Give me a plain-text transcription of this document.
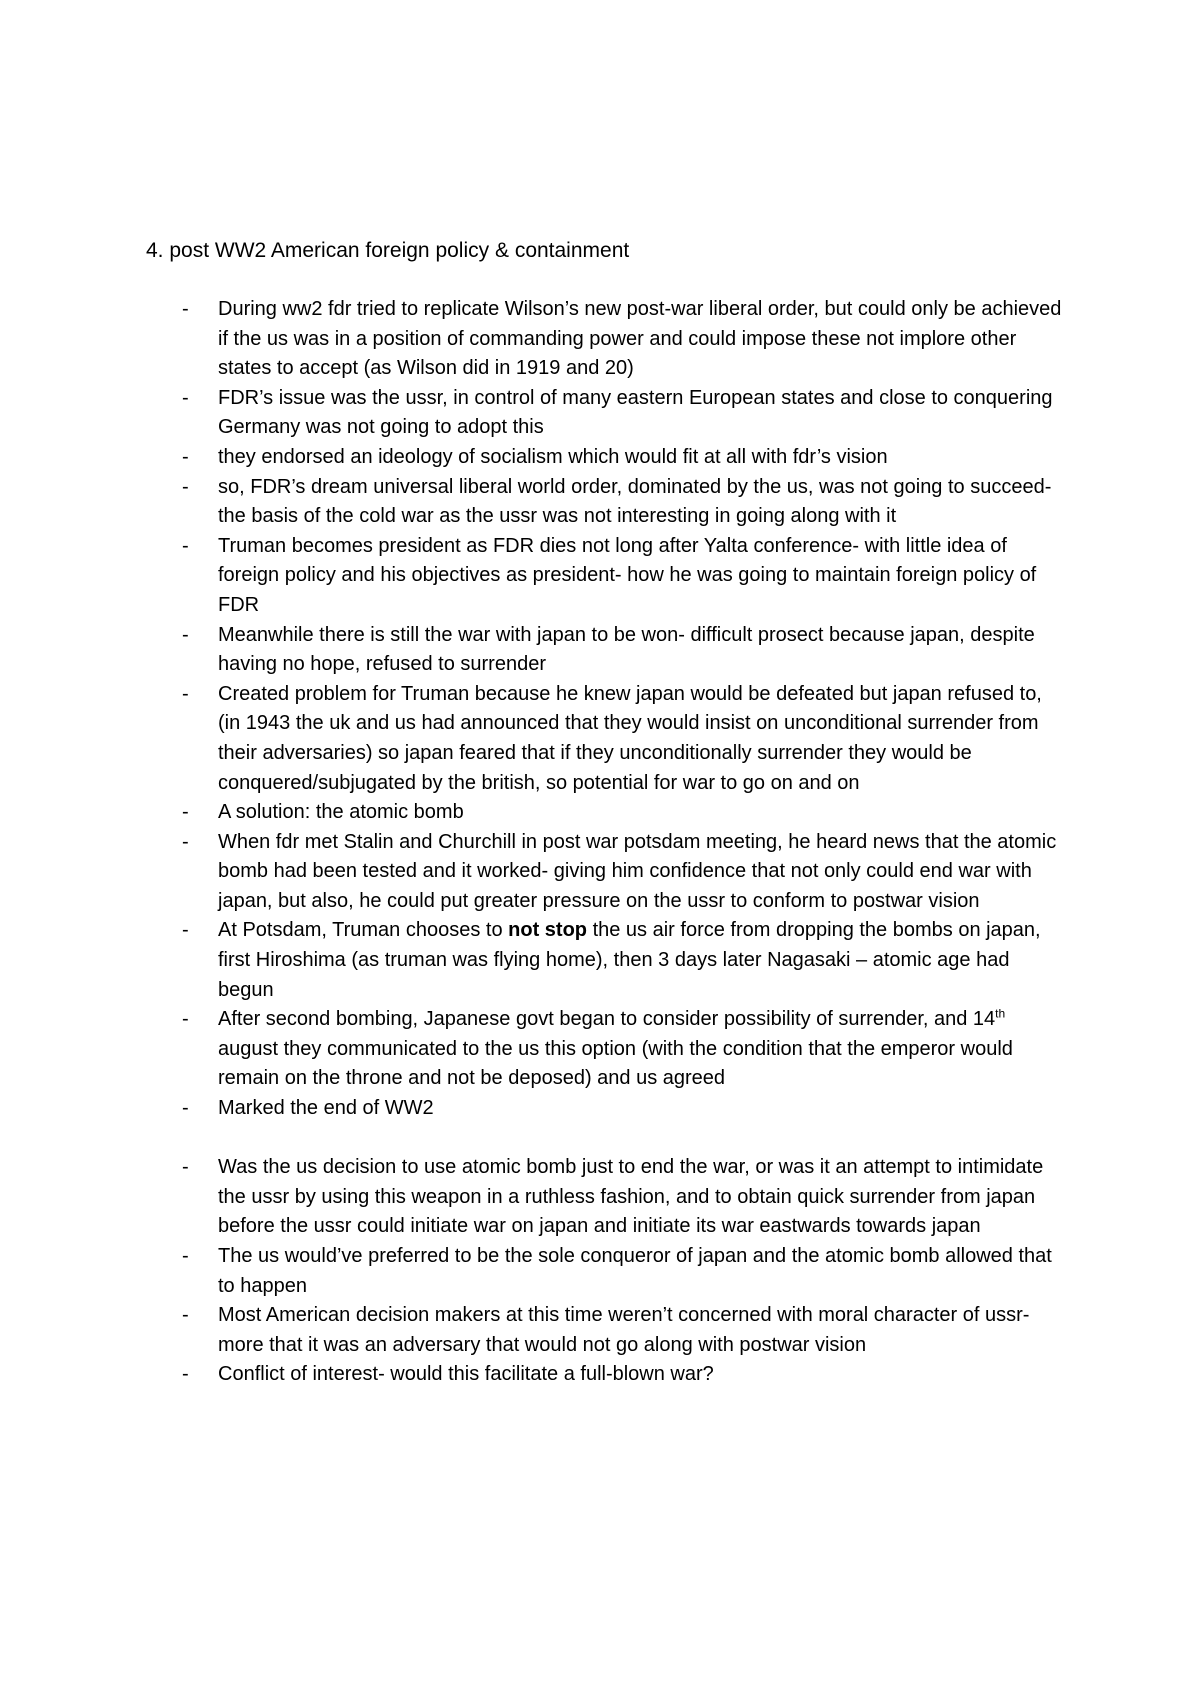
4. post WW2 American foreign policy & containment
- During ww2 fdr tried to replicate Wilson’s new post-war liberal order, but could only be achieved if the us was in a position of commanding power and could impose these not implore other states to accept (as Wilson did in 1919 and 20)
- FDR’s issue was the ussr, in control of many eastern European states and close to conquering Germany was not going to adopt this
- they endorsed an ideology of socialism which would fit at all with fdr’s vision
- so, FDR’s dream universal liberal world order, dominated by the us, was not going to succeed- the basis of the cold war as the ussr was not interesting in going along with it
- Truman becomes president as FDR dies not long after Yalta conference- with little idea of foreign policy and his objectives as president- how he was going to maintain foreign policy of FDR
- Meanwhile there is still the war with japan to be won- difficult prosect because japan, despite having no hope, refused to surrender
- Created problem for Truman because he knew japan would be defeated but japan refused to, (in 1943 the uk and us had announced that they would insist on unconditional surrender from their adversaries) so japan feared that if they unconditionally surrender they would be conquered/subjugated by the british, so potential for war to go on and on
- A solution: the atomic bomb
- When fdr met Stalin and Churchill in post war potsdam meeting, he heard news that the atomic bomb had been tested and it worked- giving him confidence that not only could end war with japan, but also, he could put greater pressure on the ussr to conform to postwar vision
- At Potsdam, Truman chooses to not stop the us air force from dropping the bombs on japan, first Hiroshima (as truman was flying home), then 3 days later Nagasaki – atomic age had begun
- After second bombing, Japanese govt began to consider possibility of surrender, and 14th august they communicated to the us this option (with the condition that the emperor would remain on the throne and not be deposed) and us agreed
- Marked the end of WW2
- Was the us decision to use atomic bomb just to end the war, or was it an attempt to intimidate the ussr by using this weapon in a ruthless fashion, and to obtain quick surrender from japan before the ussr could initiate war on japan and initiate its war eastwards towards japan
- The us would’ve preferred to be the sole conqueror of japan and the atomic bomb allowed that to happen
- Most American decision makers at this time weren’t concerned with moral character of ussr- more that it was an adversary that would not go along with postwar vision
- Conflict of interest- would this facilitate a full-blown war?
